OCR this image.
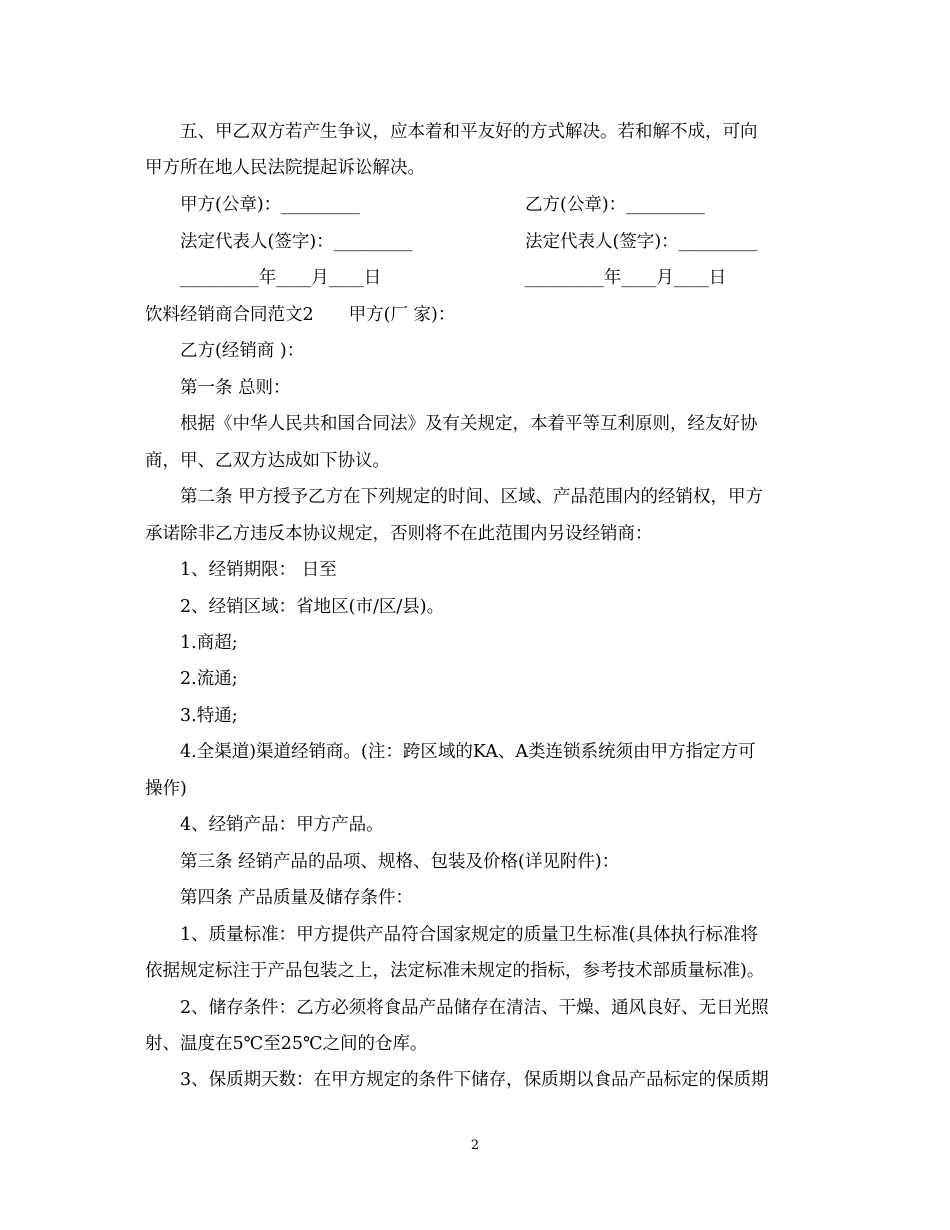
五、甲乙双方若产生争议，应本着和平友好的方式解决。若和解不成，可向
甲方所在地人民法院提起诉讼解决。
甲方(公章)：_________	乙方(公章)：_________
法定代表人(签字)：_________	法定代表人(签字)：_________
_________年____月____日	_________年____月____日
饮料经销商合同范文2　　甲方(厂 家)：
乙方(经销商 )：
第一条 总则：
根据《中华人民共和国合同法》及有关规定，本着平等互利原则，经友好协
商，甲、乙双方达成如下协议。
第二条 甲方授予乙方在下列规定的时间、区域、产品范围内的经销权，甲方
承诺除非乙方违反本协议规定，否则将不在此范围内另设经销商：
1、经销期限： 日至
2、经销区域：省地区(市/区/县)。
1.商超;
2.流通;
3.特通;
4.全渠道)渠道经销商。(注：跨区域的KA、A类连锁系统须由甲方指定方可
操作)
4、经销产品：甲方产品。
第三条 经销产品的品项、规格、包装及价格(详见附件)：
第四条 产品质量及储存条件：
1、质量标准：甲方提供产品符合国家规定的质量卫生标准(具体执行标准将
依据规定标注于产品包装之上，法定标准未规定的指标，参考技术部质量标准)。
2、储存条件：乙方必须将食品产品储存在清洁、干燥、通风良好、无日光照
射、温度在5℃至25℃之间的仓库。
3、保质期天数：在甲方规定的条件下储存，保质期以食品产品标定的保质期
2
